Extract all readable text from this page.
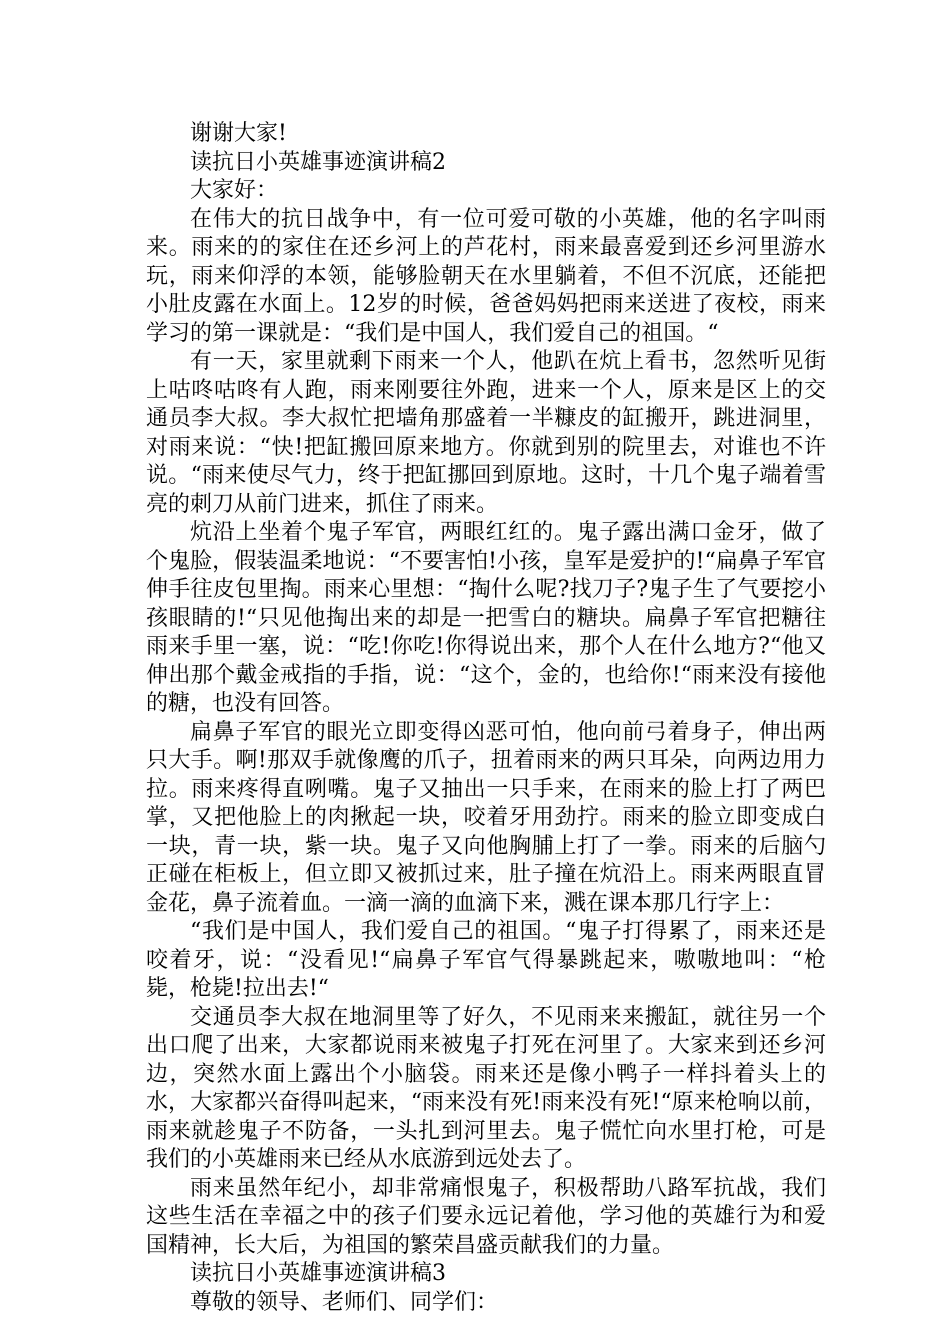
谢谢大家!

读抗日小英雄事迹演讲稿2

大家好：

在伟大的抗日战争中，有一位可爱可敬的小英雄，他的名字叫雨来。雨来的的家住在还乡河上的芦花村，雨来最喜爱到还乡河里游水玩，雨来仰浮的本领，能够脸朝天在水里躺着，不但不沉底，还能把小肚皮露在水面上。12岁的时候，爸爸妈妈把雨来送进了夜校，雨来学习的第一课就是：“我们是中国人，我们爱自己的祖国。“

有一天，家里就剩下雨来一个人，他趴在炕上看书，忽然听见街上咕咚咕咚有人跑，雨来刚要往外跑，进来一个人，原来是区上的交通员李大叔。李大叔忙把墙角那盛着一半糠皮的缸搬开，跳进洞里，对雨来说：“快!把缸搬回原来地方。你就到别的院里去，对谁也不许说。“雨来使尽气力，终于把缸挪回到原地。这时，十几个鬼子端着雪亮的刺刀从前门进来，抓住了雨来。

炕沿上坐着个鬼子军官，两眼红红的。鬼子露出满口金牙，做了个鬼脸，假装温柔地说：“不要害怕!小孩，皇军是爱护的!“扁鼻子军官伸手往皮包里掏。雨来心里想：“掏什么呢?找刀子?鬼子生了气要挖小孩眼睛的!“只见他掏出来的却是一把雪白的糖块。扁鼻子军官把糖往雨来手里一塞，说：“吃!你吃!你得说出来，那个人在什么地方?“他又伸出那个戴金戒指的手指，说：“这个，金的，也给你!“雨来没有接他的糖，也没有回答。

扁鼻子军官的眼光立即变得凶恶可怕，他向前弓着身子，伸出两只大手。啊!那双手就像鹰的爪子，扭着雨来的两只耳朵，向两边用力拉。雨来疼得直咧嘴。鬼子又抽出一只手来，在雨来的脸上打了两巴掌，又把他脸上的肉揪起一块，咬着牙用劲拧。雨来的脸立即变成白一块，青一块，紫一块。鬼子又向他胸脯上打了一拳。雨来的后脑勺正碰在柜板上，但立即又被抓过来，肚子撞在炕沿上。雨来两眼直冒金花，鼻子流着血。一滴一滴的血滴下来，溅在课本那几行字上：

“我们是中国人，我们爱自己的祖国。“鬼子打得累了，雨来还是咬着牙，说：“没看见!“扁鼻子军官气得暴跳起来，嗷嗷地叫：“枪毙，枪毙!拉出去!“

交通员李大叔在地洞里等了好久，不见雨来来搬缸，就往另一个出口爬了出来，大家都说雨来被鬼子打死在河里了。大家来到还乡河边，突然水面上露出个小脑袋。雨来还是像小鸭子一样抖着头上的水，大家都兴奋得叫起来，“雨来没有死!雨来没有死!“原来枪响以前，雨来就趁鬼子不防备，一头扎到河里去。鬼子慌忙向水里打枪，可是我们的小英雄雨来已经从水底游到远处去了。

雨来虽然年纪小，却非常痛恨鬼子，积极帮助八路军抗战，我们这些生活在幸福之中的孩子们要永远记着他，学习他的英雄行为和爱国精神，长大后，为祖国的繁荣昌盛贡献我们的力量。

读抗日小英雄事迹演讲稿3

尊敬的领导、老师们、同学们：
